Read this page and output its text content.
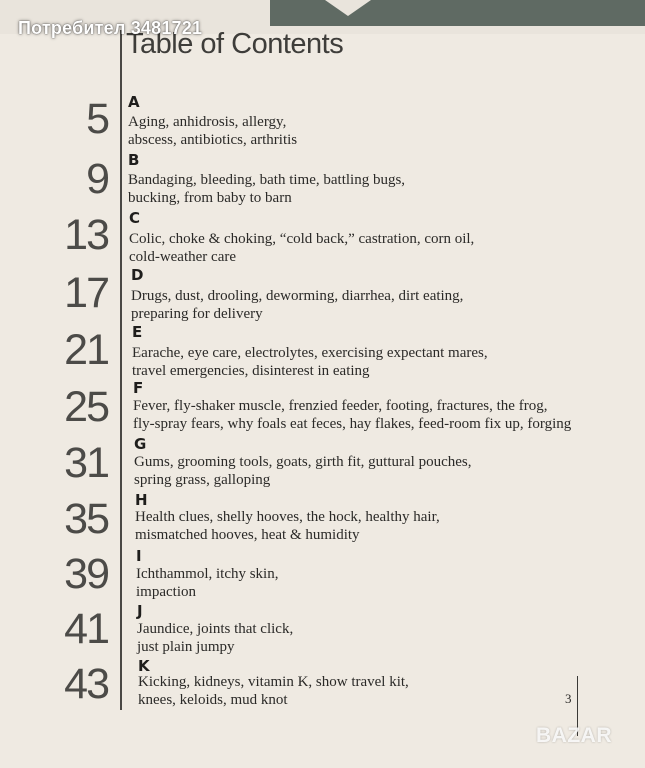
Потребител 3481721
Table of Contents
5 A
Aging, anhidrosis, allergy,
abscess, antibiotics, arthritis
9 B
Bandaging, bleeding, bath time, battling bugs,
bucking, from baby to barn
13 C
Colic, choke & choking, “cold back,” castration, corn oil,
cold-weather care
17 D
Drugs, dust, drooling, deworming, diarrhea, dirt eating,
preparing for delivery
21 E
Earache, eye care, electrolytes, exercising expectant mares,
travel emergencies, disinterest in eating
25 F
Fever, fly-shaker muscle, frenzied feeder, footing, fractures, the frog,
fly-spray fears, why foals eat feces, hay flakes, feed-room fix up, forging
31 G
Gums, grooming tools, goats, girth fit, guttural pouches,
spring grass, galloping
35 H
Health clues, shelly hooves, the hock, healthy hair,
mismatched hooves, heat & humidity
39 I
Ichthammol, itchy skin,
impaction
41 J
Jaundice, joints that click,
just plain jumpy
43 K
Kicking, kidneys, vitamin K, show travel kit,
knees, keloids, mud knot	3
BAZAR
